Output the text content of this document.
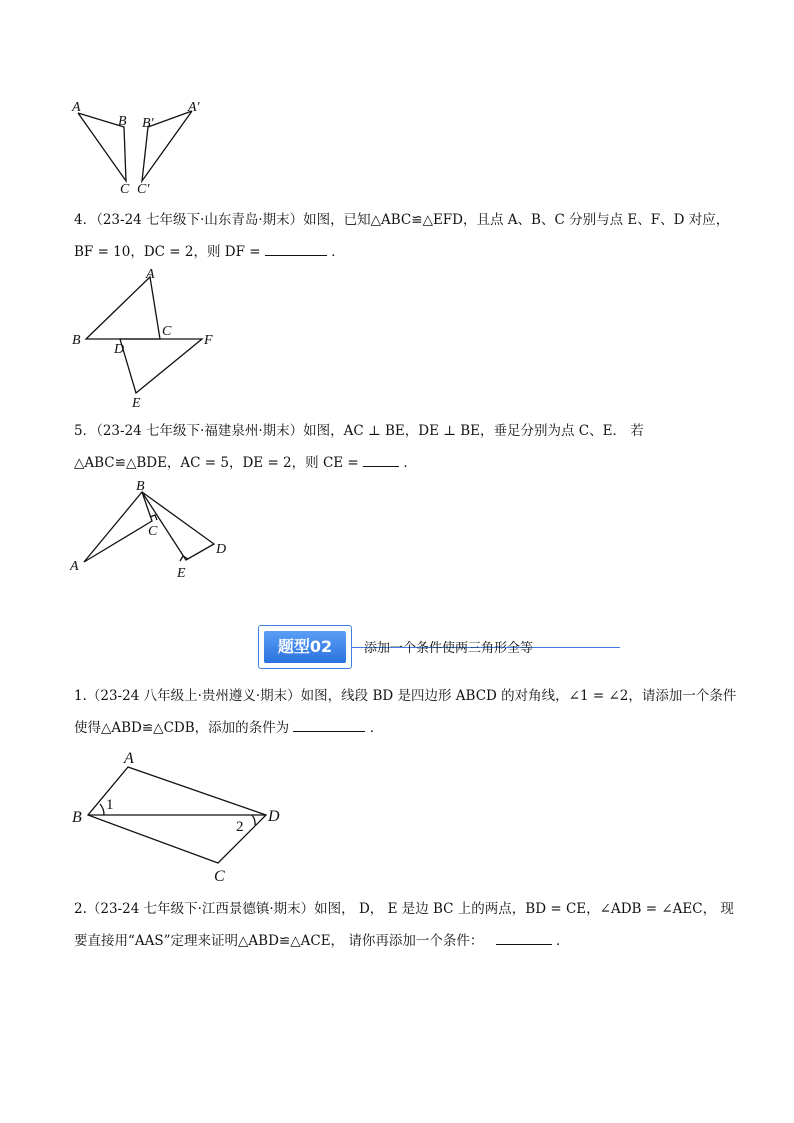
A
B
C
A′
B′
C′
4．（23-24 七年级下·山东青岛·期末）如图，已知△ABC≌△EFD，且点 A、B、C 分别与点 E、F、D 对应，
BF = 10，DC = 2，则 DF =	．
A
B
C
D
F
E
5．（23-24 七年级下·福建泉州·期末）如图，AC ⊥ BE，DE ⊥ BE，垂足分别为点 C、E． 若
△ABC≌△BDE，AC = 5，DE = 2，则 CE =	．
B
C
A
D
E
题型02	添加一个条件使两三角形全等
1.（23-24 八年级上·贵州遵义·期末）如图，线段 BD 是四边形 ABCD 的对角线，∠1 = ∠2，请添加一个条件
使得△ABD≌△CDB，添加的条件为	．
A
B
C
D
1
2
2.（23-24 七年级下·江西景德镇·期末）如图， D， E 是边 BC 上的两点，BD = CE，∠ADB = ∠AEC， 现
要直接用“AAS”定理来证明△ABD≌△ACE， 请你再添加一个条件：	．
